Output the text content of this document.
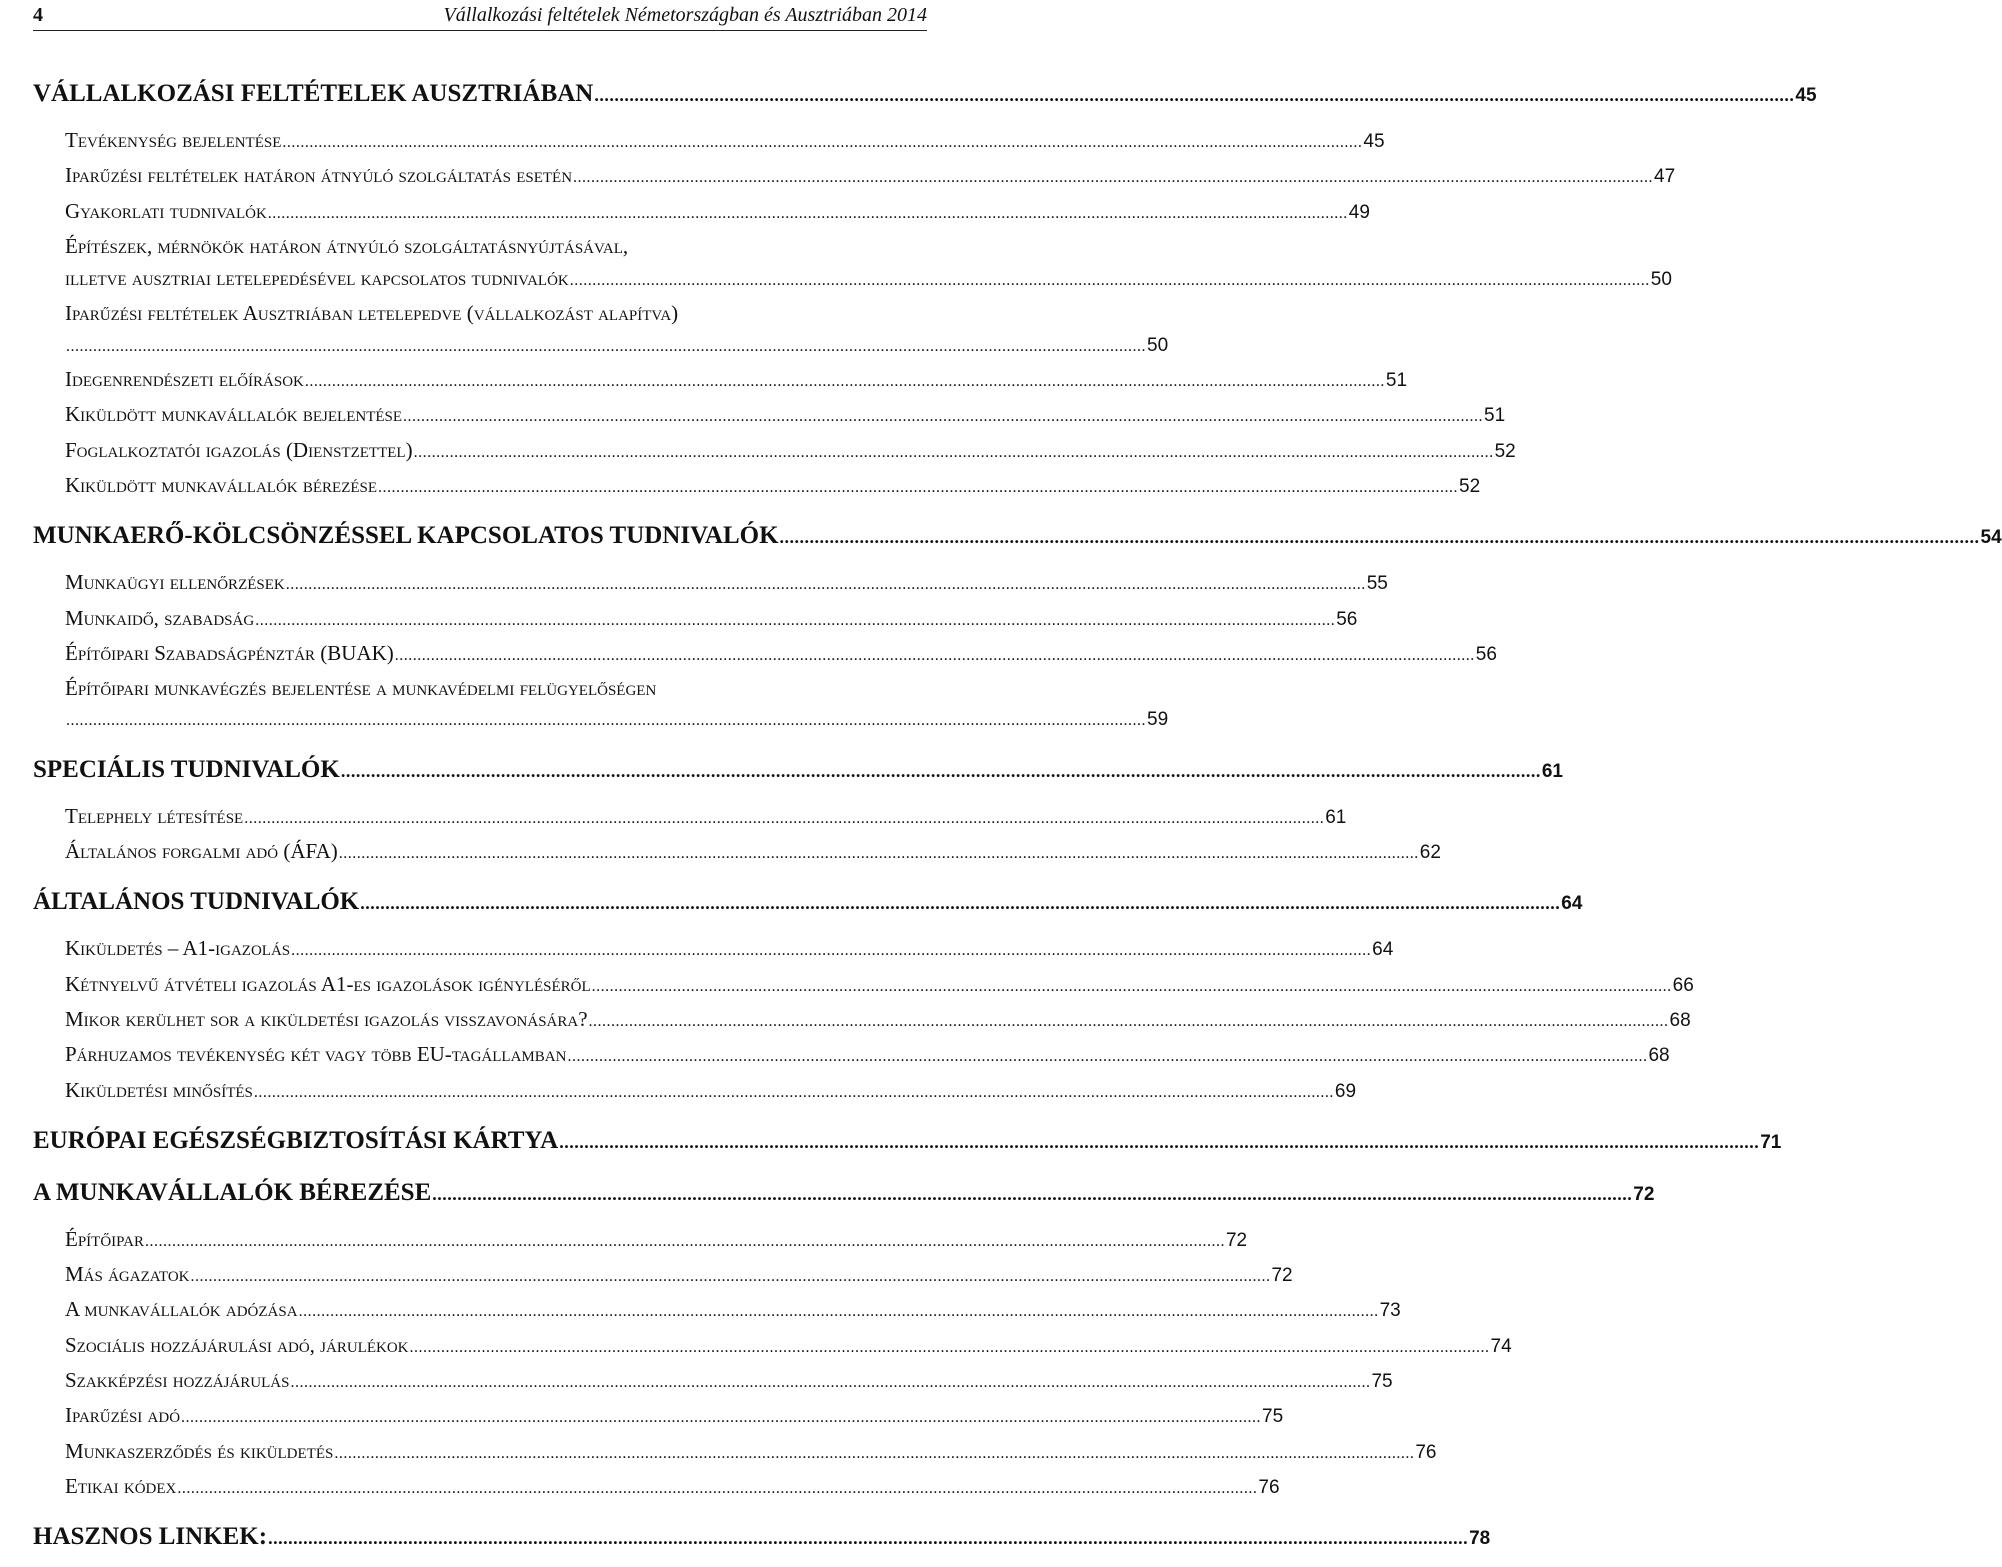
4	Vállalkozási feltételek Németországban és Ausztriában 2014
VÁLLALKOZÁSI FELTÉTELEK AUSZTRIÁBAN .....	45
Tevékenység bejelentése .....	45
Iparűzési feltételek határon átnyúló szolgáltatás esetén .....	47
Gyakorlati tudnivalók .....	49
Építészek, mérnökök határon átnyúló szolgáltatásnyújtásával,
illetve ausztriai letelepedésével kapcsolatos tudnivalók .....	50
Iparűzési feltételek Ausztriában letelepedve (vállalkozást alapítva)
.....
50
Idegenrendészeti előírások .....	51
Kiküldött munkavállalók bejelentése .....	51
Foglalkoztatói igazolás (Dienstzettel) .....	52
Kiküldött munkavállalók bérezése .....	52
MUNKAERŐ-KÖLCSÖNZÉSSEL KAPCSOLATOS TUDNIVALÓK .....	54
Munkaügyi ellenőrzések .....	55
Munkaidő, szabadság .....	56
Építőipari Szabadságpénztár (BUAK) .....	56
Építőipari munkavégzés bejelentése a munkavédelmi felügyelőségen
.....
59
SPECIÁLIS TUDNIVALÓK .....	61
Telephely létesítése .....	61
Általános forgalmi adó (ÁFA) .....	62
ÁLTALÁNOS TUDNIVALÓK .....	64
Kiküldetés – A1-igazolás .....	64
Kétnyelvű átvételi igazolás A1-es igazolások igényléséről .....	66
Mikor kerülhet sor a kiküldetési igazolás visszavonására? .....	68
Párhuzamos tevékenység két vagy több EU-tagállamban .....	68
Kiküldetési minősítés .....	69
EURÓPAI EGÉSZSÉGBIZTOSÍTÁSI KÁRTYA .....	71
A MUNKAVÁLLALÓK BÉREZÉSE .....	72
Építőipar .....	72
Más ágazatok .....	72
A munkavállalók adózása .....	73
Szociális hozzájárulási adó, járulékok .....	74
Szakképzési hozzájárulás .....	75
Iparűzési adó .....	75
Munkaszerződés és kiküldetés .....	76
Etikai kódex .....	76
HASZNOS LINKEK: .....	78
